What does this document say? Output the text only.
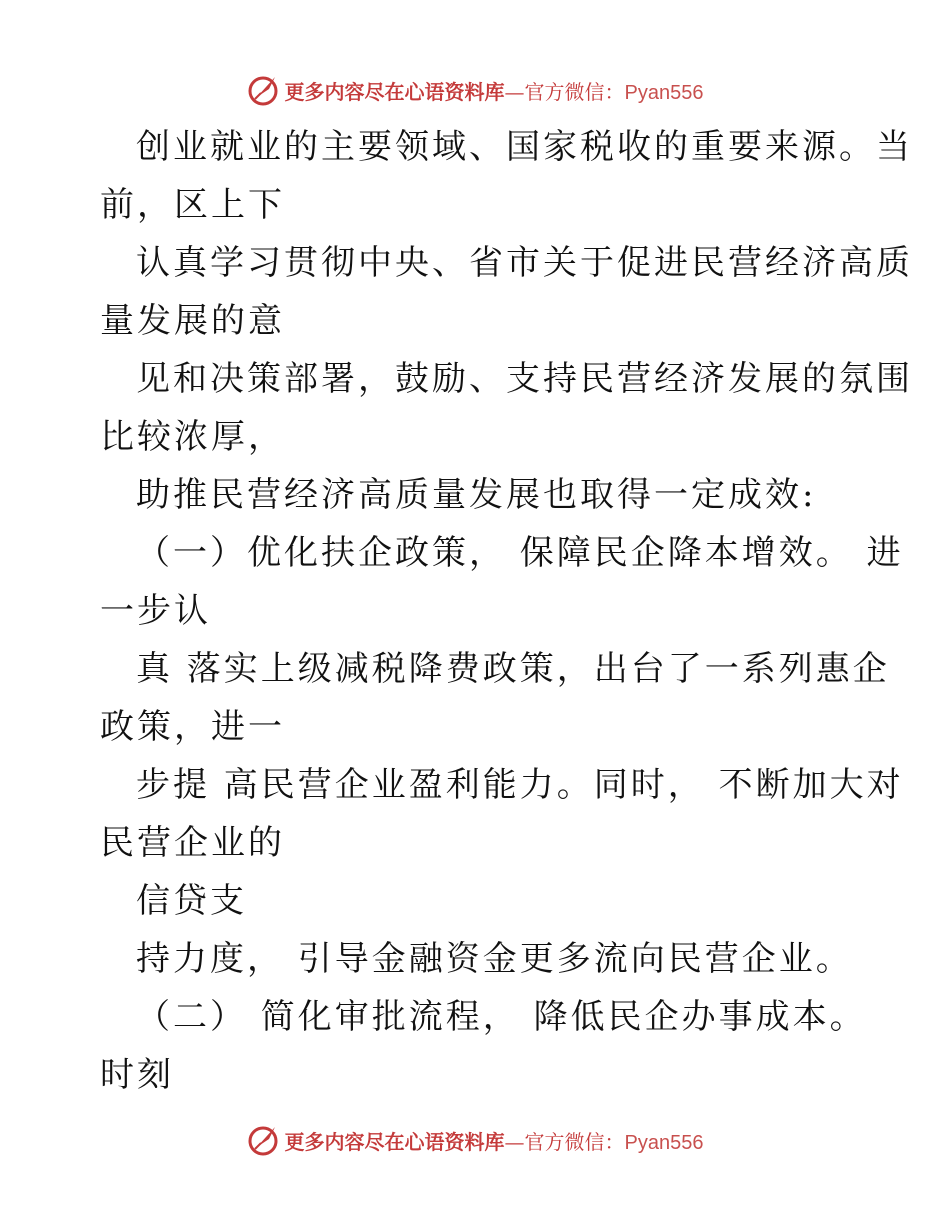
更多内容尽在心语资料库—官方微信：Pyan556
创业就业的主要领域、国家税收的重要来源。当
前，区上下
认真学习贯彻中央、省市关于促进民营经济高质
量发展的意
见和决策部署，鼓励、支持民营经济发展的氛围
比较浓厚，
助推民营经济高质量发展也取得一定成效:
（一）优化扶企政策， 保障民企降本增效。 进
一步认
真 落实上级减税降费政策，出台了一系列惠企
政策，进一
步提 高民营企业盈利能力。同时， 不断加大对
民营企业的
信贷支
持力度， 引导金融资金更多流向民营企业。
（二） 简化审批流程， 降低民企办事成本。
时刻
更多内容尽在心语资料库—官方微信：Pyan556
